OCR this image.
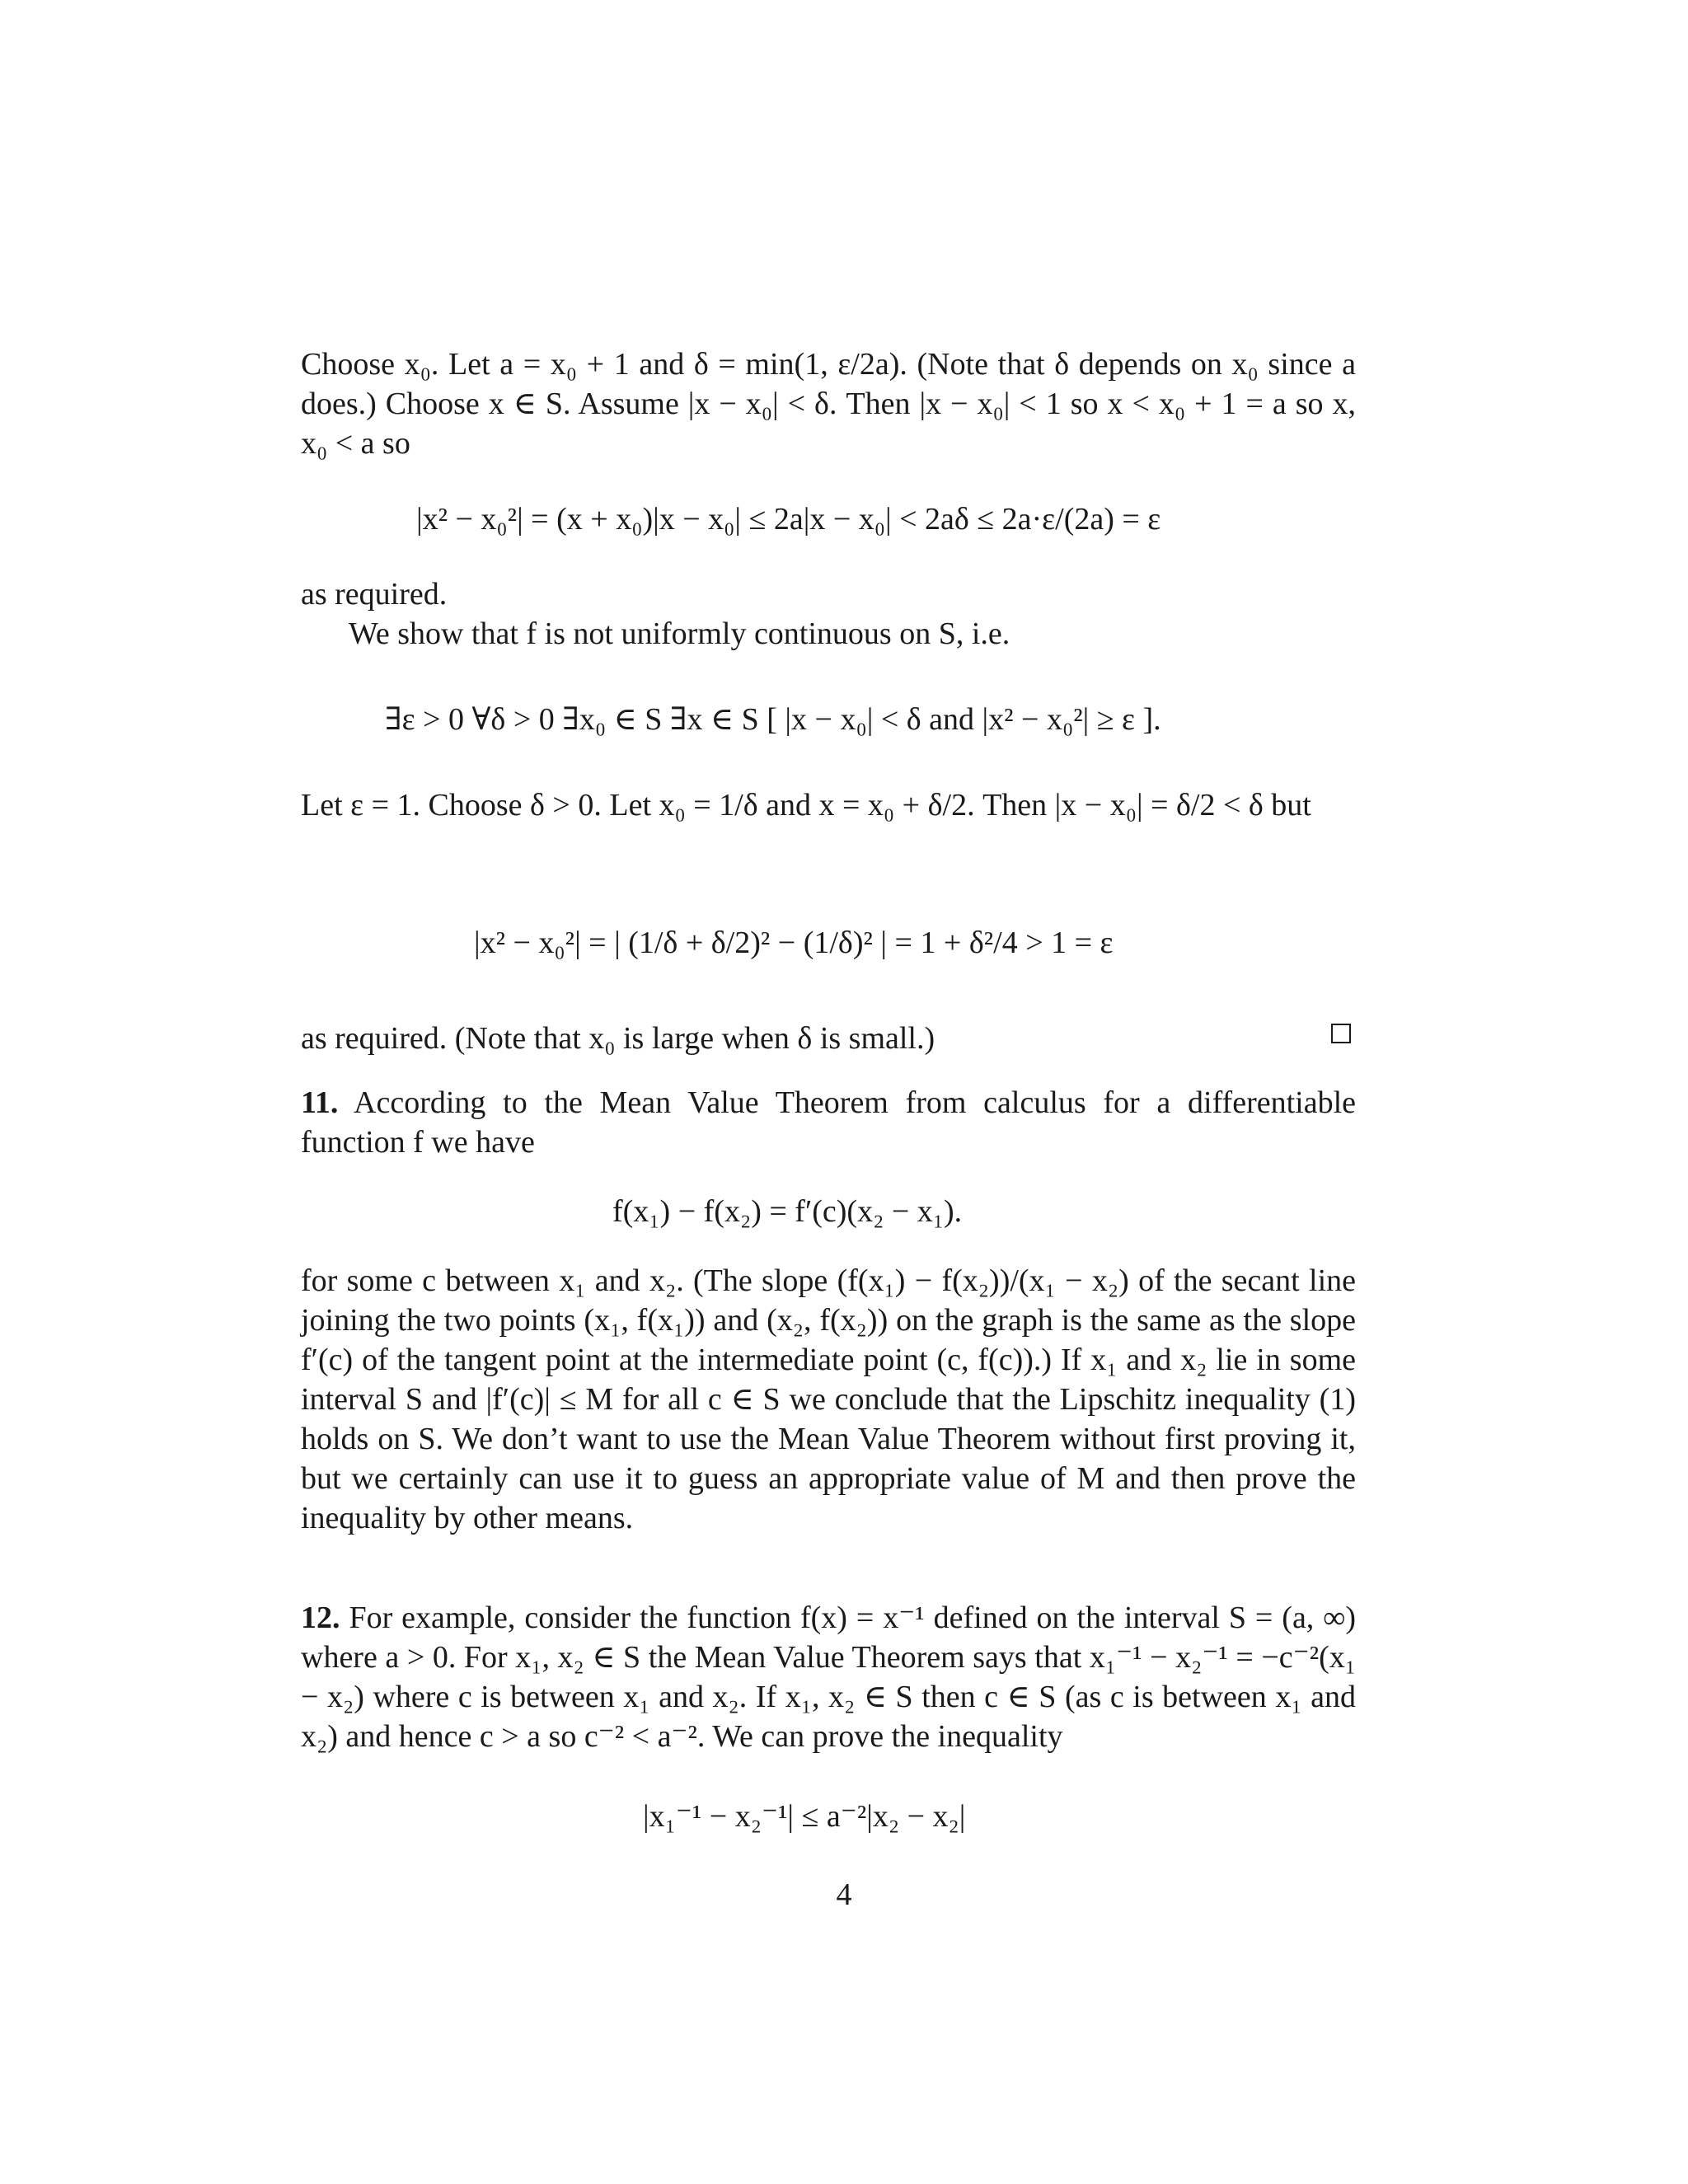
Choose x₀. Let a = x₀ + 1 and δ = min(1, ε/2a). (Note that δ depends on x₀ since a does.) Choose x ∈ S. Assume |x − x₀| < δ. Then |x − x₀| < 1 so x < x₀ + 1 = a so x, x₀ < a so

|x² − x₀²| = (x + x₀)|x − x₀| ≤ 2a|x − x₀| < 2aδ ≤ 2a·ε/(2a) = ε

as required.

We show that f is not uniformly continuous on S, i.e.

∃ε > 0 ∀δ > 0 ∃x₀ ∈ S ∃x ∈ S [ |x − x₀| < δ and |x² − x₀²| ≥ ε ].

Let ε = 1. Choose δ > 0. Let x₀ = 1/δ and x = x₀ + δ/2. Then |x − x₀| = δ/2 < δ but

|x² − x₀²| = | (1/δ + δ/2)² − (1/δ)² | = 1 + δ²/4 > 1 = ε

as required. (Note that x₀ is large when δ is small.)

11. According to the Mean Value Theorem from calculus for a differentiable function f we have

f(x₁) − f(x₂) = f′(c)(x₂ − x₁).

for some c between x₁ and x₂. (The slope (f(x₁) − f(x₂))/(x₁ − x₂) of the secant line joining the two points (x₁, f(x₁)) and (x₂, f(x₂)) on the graph is the same as the slope f′(c) of the tangent point at the intermediate point (c, f(c)).) If x₁ and x₂ lie in some interval S and |f′(c)| ≤ M for all c ∈ S we conclude that the Lipschitz inequality (1) holds on S. We don’t want to use the Mean Value Theorem without first proving it, but we certainly can use it to guess an appropriate value of M and then prove the inequality by other means.

12. For example, consider the function f(x) = x⁻¹ defined on the interval S = (a, ∞) where a > 0. For x₁, x₂ ∈ S the Mean Value Theorem says that x₁⁻¹ − x₂⁻¹ = −c⁻²(x₁ − x₂) where c is between x₁ and x₂. If x₁, x₂ ∈ S then c ∈ S (as c is between x₁ and x₂) and hence c > a so c⁻² < a⁻². We can prove the inequality

|x₁⁻¹ − x₂⁻¹| ≤ a⁻²|x₂ − x₂|
4
